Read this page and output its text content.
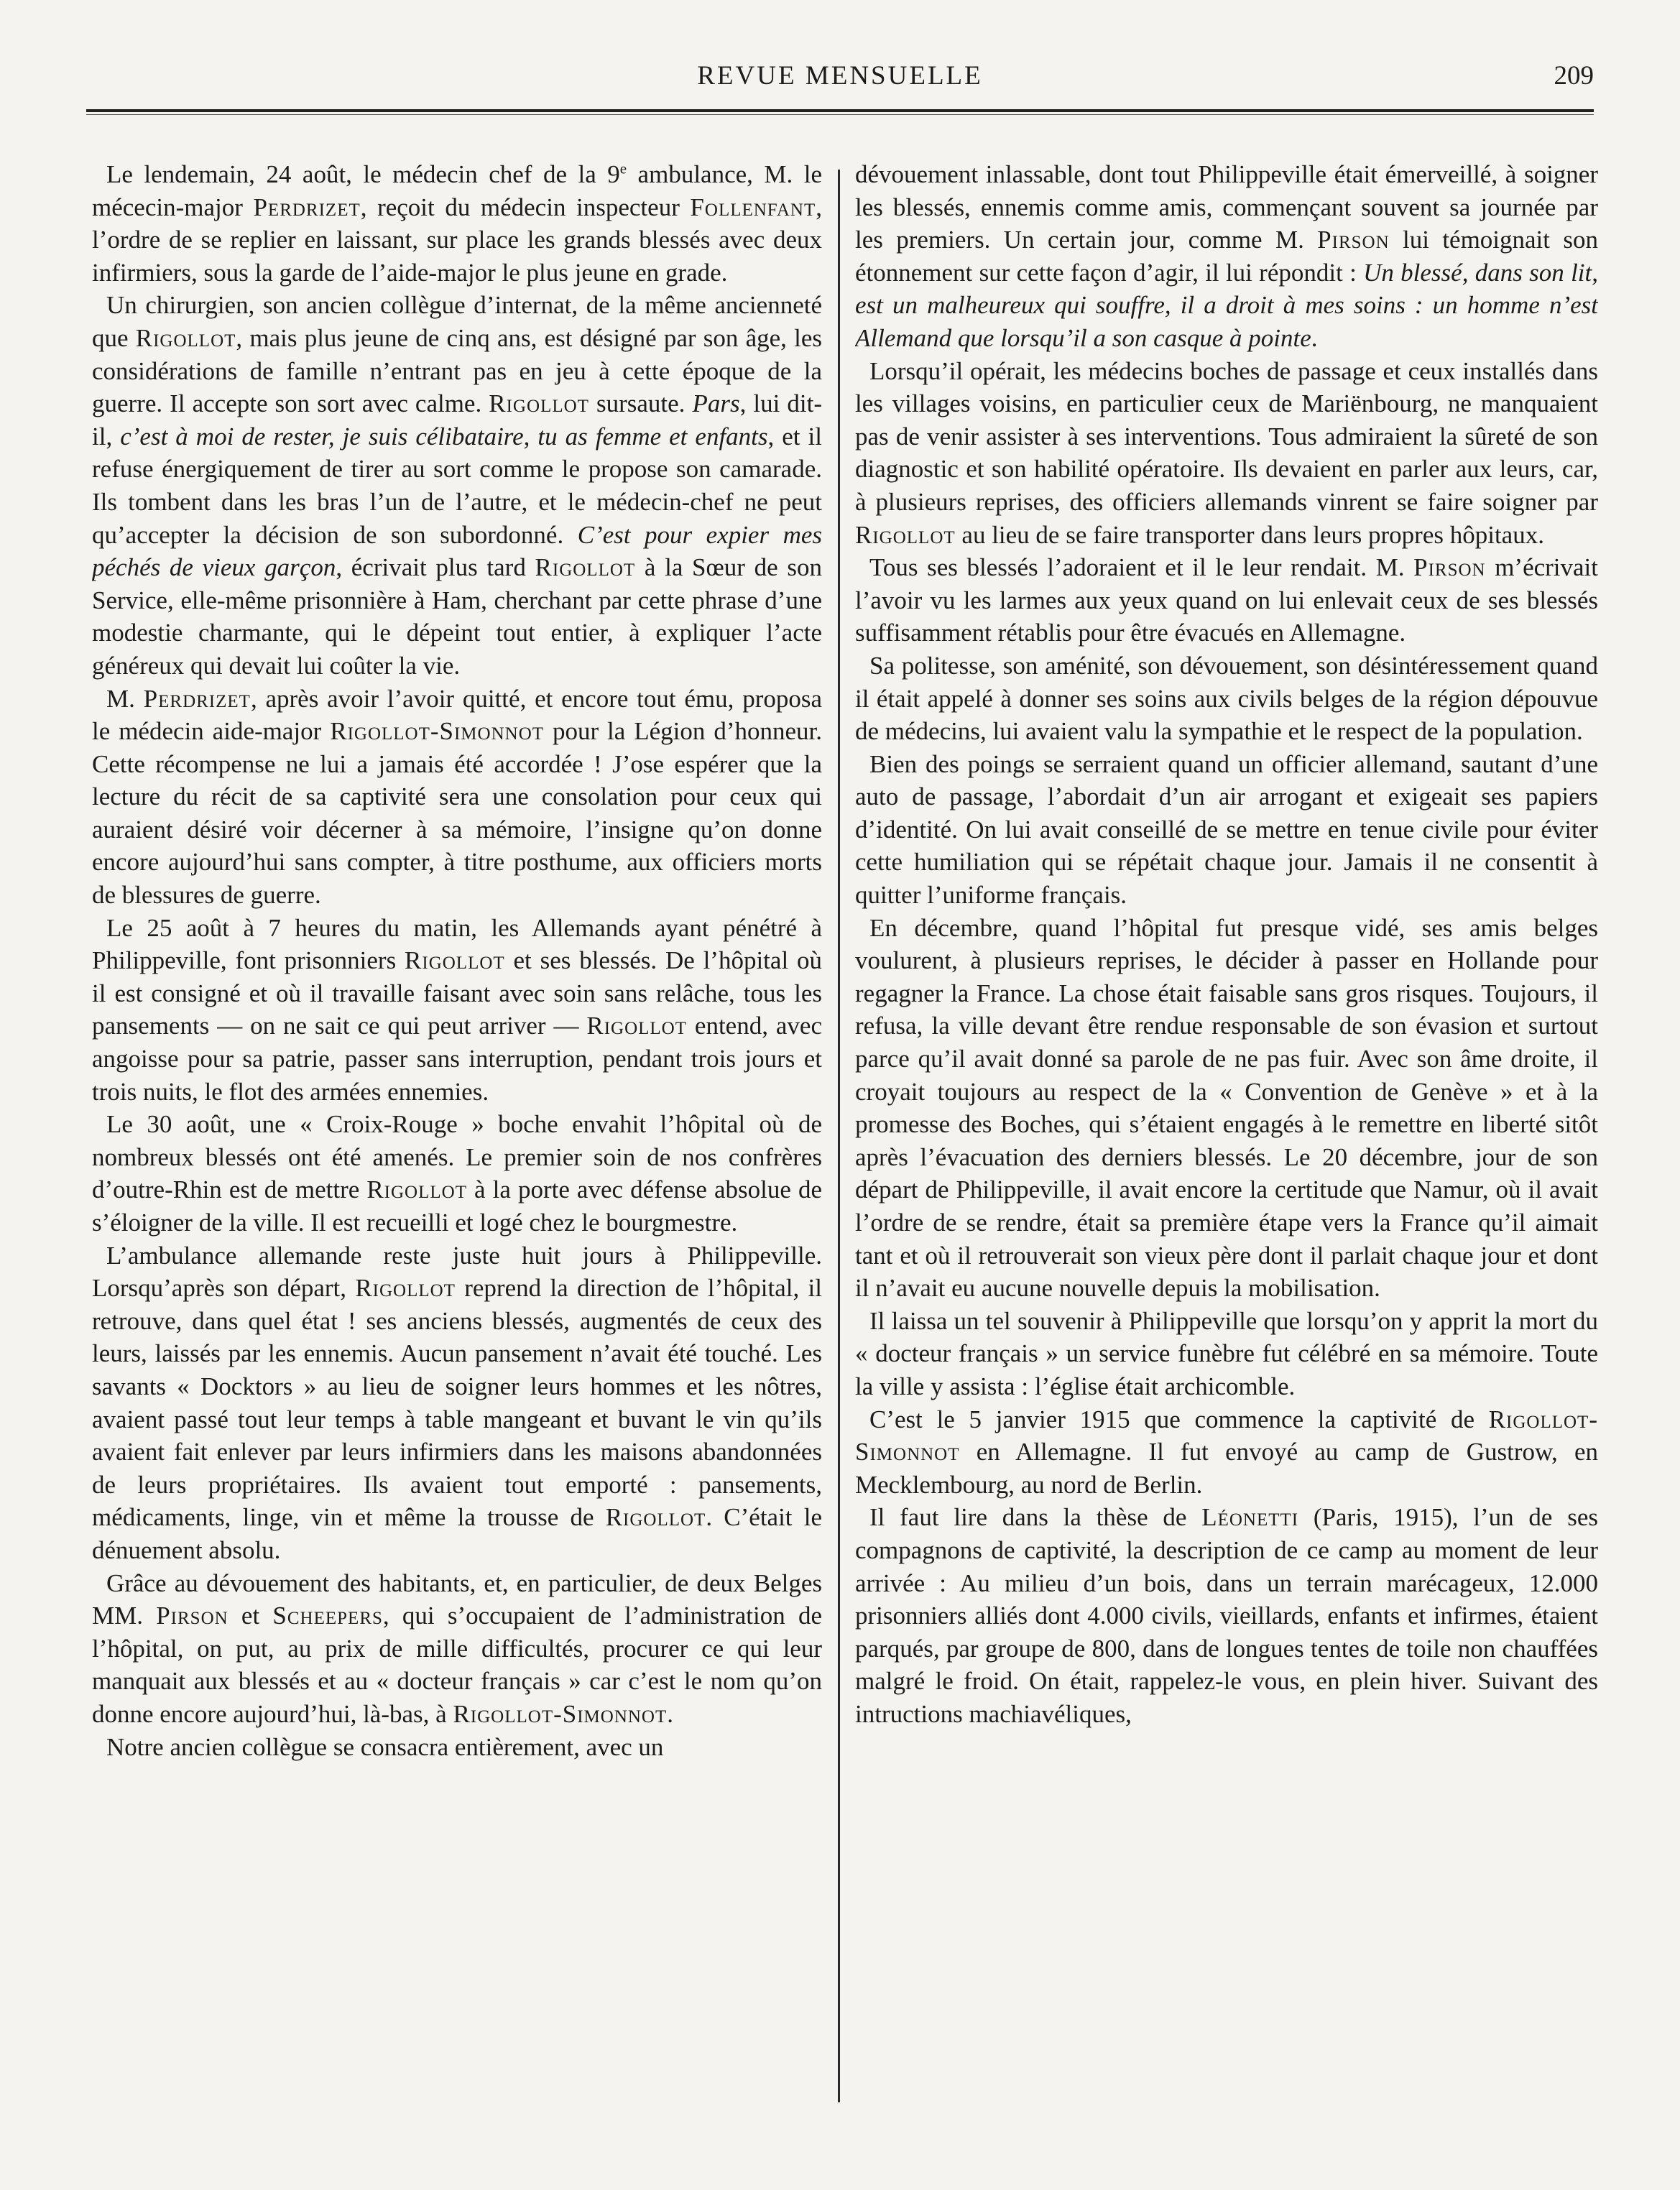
REVUE MENSUELLE	209

Le lendemain, 24 août, le médecin chef de la 9e ambulance, M. le mécecin-major Perdrizet, reçoit du médecin inspecteur Follenfant, l’ordre de se replier en laissant, sur place les grands blessés avec deux infirmiers, sous la garde de l’aide-major le plus jeune en grade.

Un chirurgien, son ancien collègue d’internat, de la même ancienneté que Rigollot, mais plus jeune de cinq ans, est désigné par son âge, les considérations de famille n’entrant pas en jeu à cette époque de la guerre. Il accepte son sort avec calme. Rigollot sursaute. Pars, lui dit-il, c’est à moi de rester, je suis célibataire, tu as femme et enfants, et il refuse énergiquement de tirer au sort comme le propose son camarade. Ils tombent dans les bras l’un de l’autre, et le médecin-chef ne peut qu’accepter la décision de son subordonné. C’est pour expier mes péchés de vieux garçon, écrivait plus tard Rigollot à la Sœur de son Service, elle-même prisonnière à Ham, cherchant par cette phrase d’une modestie charmante, qui le dépeint tout entier, à expliquer l’acte généreux qui devait lui coûter la vie.

M. Perdrizet, après avoir l’avoir quitté, et encore tout ému, proposa le médecin aide-major Rigollot-Simonnot pour la Légion d’honneur. Cette récompense ne lui a jamais été accordée ! J’ose espérer que la lecture du récit de sa captivité sera une consolation pour ceux qui auraient désiré voir décerner à sa mémoire, l’insigne qu’on donne encore aujourd’hui sans compter, à titre posthume, aux officiers morts de blessures de guerre.

Le 25 août à 7 heures du matin, les Allemands ayant pénétré à Philippeville, font prisonniers Rigollot et ses blessés. De l’hôpital où il est consigné et où il travaille faisant avec soin sans relâche, tous les pansements — on ne sait ce qui peut arriver — Rigollot entend, avec angoisse pour sa patrie, passer sans interruption, pendant trois jours et trois nuits, le flot des armées ennemies.

Le 30 août, une « Croix-Rouge » boche envahit l’hôpital où de nombreux blessés ont été amenés. Le premier soin de nos confrères d’outre-Rhin est de mettre Rigollot à la porte avec défense absolue de s’éloigner de la ville. Il est recueilli et logé chez le bourgmestre.

L’ambulance allemande reste juste huit jours à Philippeville. Lorsqu’après son départ, Rigollot reprend la direction de l’hôpital, il retrouve, dans quel état ! ses anciens blessés, augmentés de ceux des leurs, laissés par les ennemis. Aucun pansement n’avait été touché. Les savants « Docktors » au lieu de soigner leurs hommes et les nôtres, avaient passé tout leur temps à table mangeant et buvant le vin qu’ils avaient fait enlever par leurs infirmiers dans les maisons abandonnées de leurs propriétaires. Ils avaient tout emporté : pansements, médicaments, linge, vin et même la trousse de Rigollot. C’était le dénuement absolu.

Grâce au dévouement des habitants, et, en particulier, de deux Belges MM. Pirson et Scheepers, qui s’occupaient de l’administration de l’hôpital, on put, au prix de mille difficultés, procurer ce qui leur manquait aux blessés et au « docteur français » car c’est le nom qu’on donne encore aujourd’hui, là-bas, à Rigollot-Simonnot.

Notre ancien collègue se consacra entièrement, avec un

dévouement inlassable, dont tout Philippeville était émerveillé, à soigner les blessés, ennemis comme amis, commençant souvent sa journée par les premiers. Un certain jour, comme M. Pirson lui témoignait son étonnement sur cette façon d’agir, il lui répondit : Un blessé, dans son lit, est un malheureux qui souffre, il a droit à mes soins : un homme n’est Allemand que lorsqu’il a son casque à pointe.

Lorsqu’il opérait, les médecins boches de passage et ceux installés dans les villages voisins, en particulier ceux de Mariënbourg, ne manquaient pas de venir assister à ses interventions. Tous admiraient la sûreté de son diagnostic et son habilité opératoire. Ils devaient en parler aux leurs, car, à plusieurs reprises, des officiers allemands vinrent se faire soigner par Rigollot au lieu de se faire transporter dans leurs propres hôpitaux.

Tous ses blessés l’adoraient et il le leur rendait. M. Pirson m’écrivait l’avoir vu les larmes aux yeux quand on lui enlevait ceux de ses blessés suffisamment rétablis pour être évacués en Allemagne.

Sa politesse, son aménité, son dévouement, son désintéressement quand il était appelé à donner ses soins aux civils belges de la région dépouvue de médecins, lui avaient valu la sympathie et le respect de la population.

Bien des poings se serraient quand un officier allemand, sautant d’une auto de passage, l’abordait d’un air arrogant et exigeait ses papiers d’identité. On lui avait conseillé de se mettre en tenue civile pour éviter cette humiliation qui se répétait chaque jour. Jamais il ne consentit à quitter l’uniforme français.

En décembre, quand l’hôpital fut presque vidé, ses amis belges voulurent, à plusieurs reprises, le décider à passer en Hollande pour regagner la France. La chose était faisable sans gros risques. Toujours, il refusa, la ville devant être rendue responsable de son évasion et surtout parce qu’il avait donné sa parole de ne pas fuir. Avec son âme droite, il croyait toujours au respect de la « Convention de Genève » et à la promesse des Boches, qui s’étaient engagés à le remettre en liberté sitôt après l’évacuation des derniers blessés. Le 20 décembre, jour de son départ de Philippeville, il avait encore la certitude que Namur, où il avait l’ordre de se rendre, était sa première étape vers la France qu’il aimait tant et où il retrouverait son vieux père dont il parlait chaque jour et dont il n’avait eu aucune nouvelle depuis la mobilisation.

Il laissa un tel souvenir à Philippeville que lorsqu’on y apprit la mort du « docteur français » un service funèbre fut célébré en sa mémoire. Toute la ville y assista : l’église était archicomble.

C’est le 5 janvier 1915 que commence la captivité de Rigollot-Simonnot en Allemagne. Il fut envoyé au camp de Gustrow, en Mecklembourg, au nord de Berlin.

Il faut lire dans la thèse de Léonetti (Paris, 1915), l’un de ses compagnons de captivité, la description de ce camp au moment de leur arrivée : Au milieu d’un bois, dans un terrain marécageux, 12.000 prisonniers alliés dont 4.000 civils, vieillards, enfants et infirmes, étaient parqués, par groupe de 800, dans de longues tentes de toile non chauffées malgré le froid. On était, rappelez-le vous, en plein hiver. Suivant des intructions machiavéliques,
